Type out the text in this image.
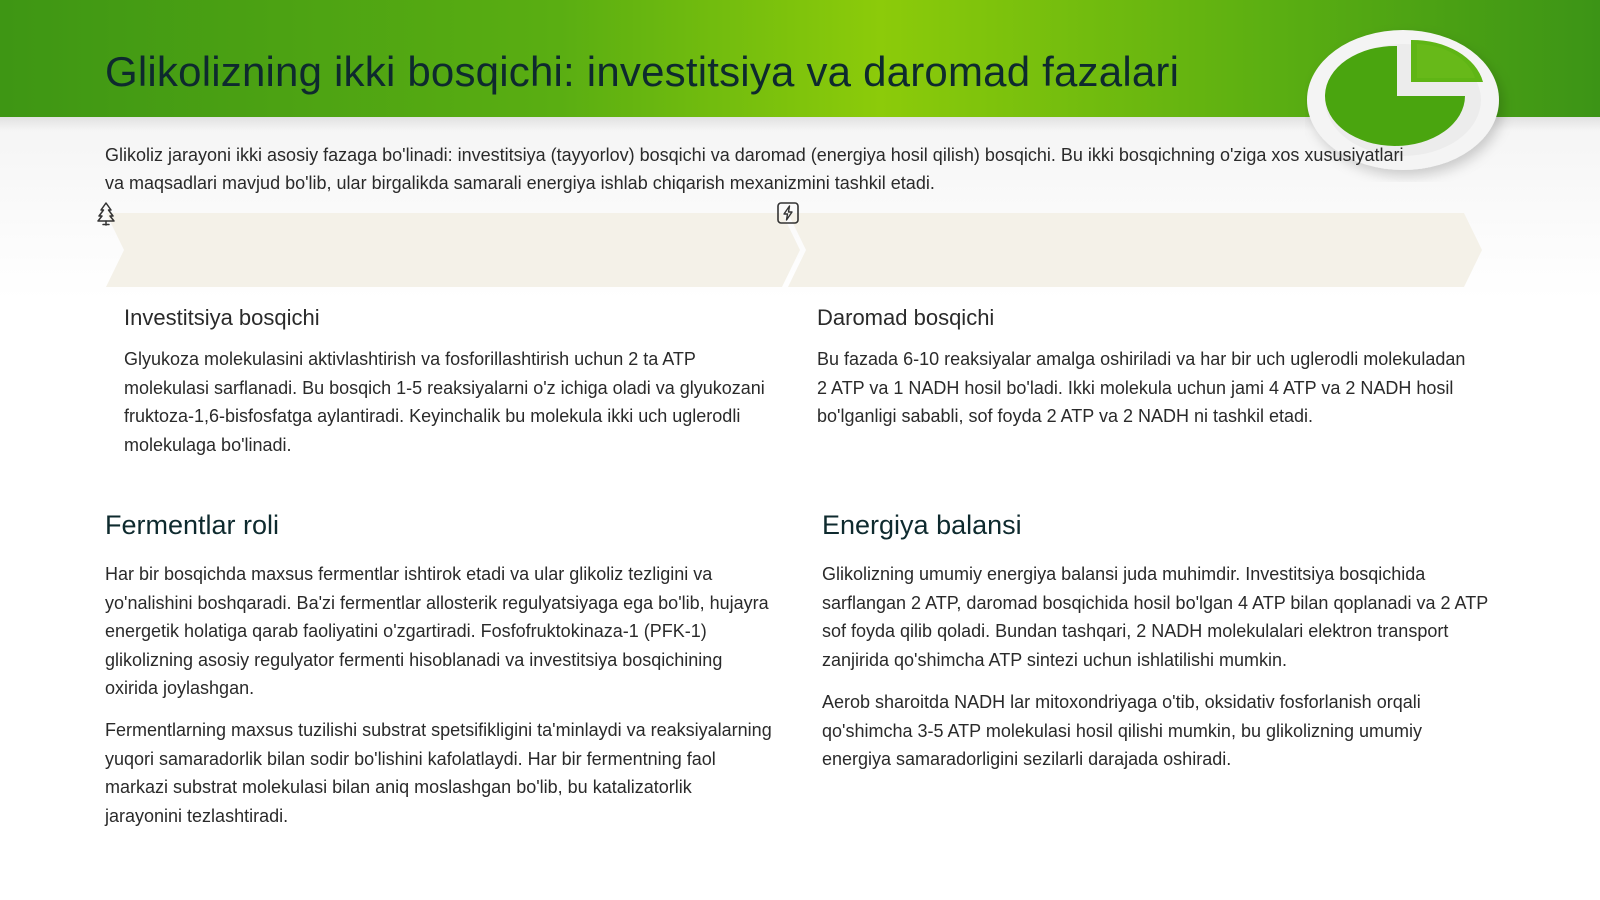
Glikolizning ikki bosqichi: investitsiya va daromad fazalari

Glikoliz jarayoni ikki asosiy fazaga bo'linadi: investitsiya (tayyorlov) bosqichi va daromad (energiya hosil qilish) bosqichi. Bu ikki bosqichning o'ziga xos xususiyatlari va maqsadlari mavjud bo'lib, ular birgalikda samarali energiya ishlab chiqarish mexanizmini tashkil etadi.

Investitsiya bosqichi

Glyukoza molekulasini aktivlashtirish va fosforillashtirish uchun 2 ta ATP molekulasi sarflanadi. Bu bosqich 1-5 reaksiyalarni o'z ichiga oladi va glyukozani fruktoza-1,6-bisfosfatga aylantiradi. Keyinchalik bu molekula ikki uch uglerodli molekulaga bo'linadi.

Daromad bosqichi

Bu fazada 6-10 reaksiyalar amalga oshiriladi va har bir uch uglerodli molekuladan 2 ATP va 1 NADH hosil bo'ladi. Ikki molekula uchun jami 4 ATP va 2 NADH hosil bo'lganligi sababli, sof foyda 2 ATP va 2 NADH ni tashkil etadi.

Fermentlar roli

Har bir bosqichda maxsus fermentlar ishtirok etadi va ular glikoliz tezligini va yo'nalishini boshqaradi. Ba'zi fermentlar allosterik regulyatsiyaga ega bo'lib, hujayra energetik holatiga qarab faoliyatini o'zgartiradi. Fosfofruktokinaza-1 (PFK-1) glikolizning asosiy regulyator fermenti hisoblanadi va investitsiya bosqichining oxirida joylashgan.

Fermentlarning maxsus tuzilishi substrat spetsifikligini ta'minlaydi va reaksiyalarning yuqori samaradorlik bilan sodir bo'lishini kafolatlaydi. Har bir fermentning faol markazi substrat molekulasi bilan aniq moslashgan bo'lib, bu katalizatorlik jarayonini tezlashtiradi.

Energiya balansi

Glikolizning umumiy energiya balansi juda muhimdir. Investitsiya bosqichida sarflangan 2 ATP, daromad bosqichida hosil bo'lgan 4 ATP bilan qoplanadi va 2 ATP sof foyda qilib qoladi. Bundan tashqari, 2 NADH molekulalari elektron transport zanjirida qo'shimcha ATP sintezi uchun ishlatilishi mumkin.

Aerob sharoitda NADH lar mitoxondriyaga o'tib, oksidativ fosforlanish orqali qo'shimcha 3-5 ATP molekulasi hosil qilishi mumkin, bu glikolizning umumiy energiya samaradorligini sezilarli darajada oshiradi.
